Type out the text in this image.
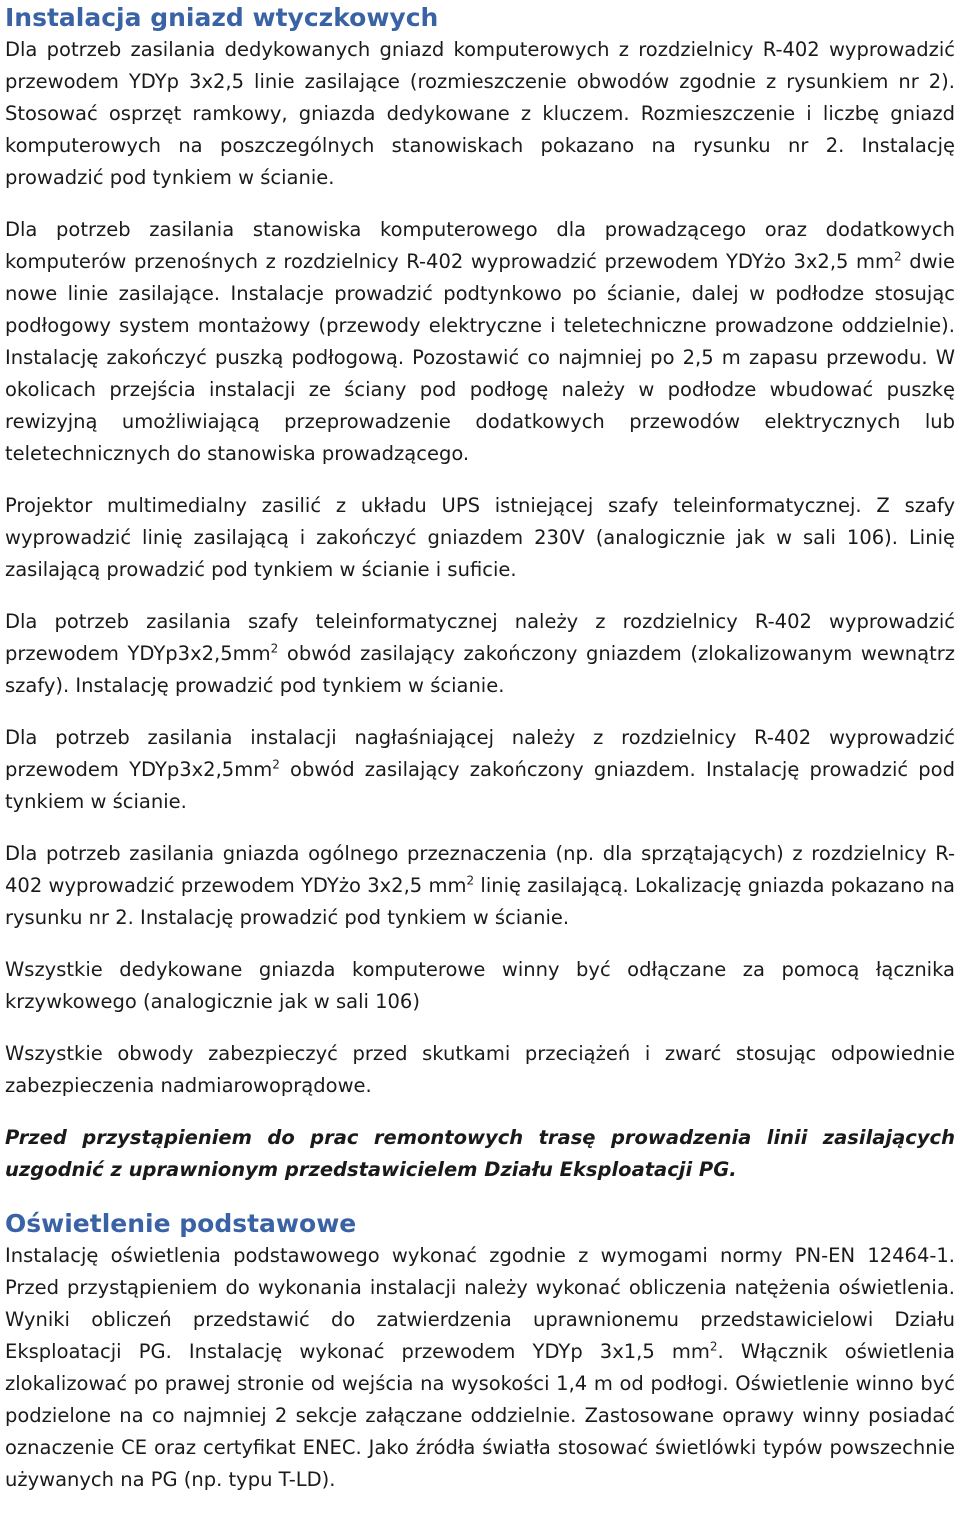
Instalacja gniazd wtyczkowych

Dla potrzeb zasilania dedykowanych gniazd komputerowych z rozdzielnicy R-402 wyprowadzić przewodem YDYp 3x2,5 linie zasilające (rozmieszczenie obwodów zgodnie z rysunkiem nr 2). Stosować osprzęt ramkowy, gniazda dedykowane z kluczem. Rozmieszczenie i liczbę gniazd komputerowych na poszczególnych stanowiskach pokazano na rysunku nr 2. Instalację prowadzić pod tynkiem w ścianie.

Dla potrzeb zasilania stanowiska komputerowego dla prowadzącego oraz dodatkowych komputerów przenośnych z rozdzielnicy R-402 wyprowadzić przewodem YDYżo 3x2,5 $mm^2$ dwie nowe linie zasilające. Instalacje prowadzić podtynkowo po ścianie, dalej w podłodze stosując podłogowy system montażowy (przewody elektryczne i teletechniczne prowadzone oddzielnie). Instalację zakończyć puszką podłogową. Pozostawić co najmniej po 2,5 m zapasu przewodu. W okolicach przejścia instalacji ze ściany pod podłogę należy w podłodze wbudować puszkę rewizyjną umożliwiającą przeprowadzenie dodatkowych przewodów elektrycznych lub teletechnicznych do stanowiska prowadzącego.

Projektor multimedialny zasilić z układu UPS istniejącej szafy teleinformatycznej. Z szafy wyprowadzić linię zasilającą i zakończyć gniazdem 230V (analogicznie jak w sali 106). Linię zasilającą prowadzić pod tynkiem w ścianie i suficie.

Dla potrzeb zasilania szafy teleinformatycznej należy z rozdzielnicy R-402 wyprowadzić przewodem $YDYp3x2,5mm^2$ obwód zasilający zakończony gniazdem (zlokalizowanym wewnątrz szafy). Instalację prowadzić pod tynkiem w ścianie.

Dla potrzeb zasilania instalacji nagłaśniającej należy z rozdzielnicy R-402 wyprowadzić przewodem $YDYp3x2,5mm^2$ obwód zasilający zakończony gniazdem. Instalację prowadzić pod tynkiem w ścianie.

Dla potrzeb zasilania gniazda ogólnego przeznaczenia (np. dla sprzątających) z rozdzielnicy R-402 wyprowadzić przewodem YDYżo 3x2,5 $mm^2$ linię zasilającą. Lokalizację gniazda pokazano na rysunku nr 2. Instalację prowadzić pod tynkiem w ścianie.

Wszystkie dedykowane gniazda komputerowe winny być odłączane za pomocą łącznika krzywkowego (analogicznie jak w sali 106)

Wszystkie obwody zabezpieczyć przed skutkami przeciążeń i zwarć stosując odpowiednie zabezpieczenia nadmiarowoprądowe.

Przed przystąpieniem do prac remontowych trasę prowadzenia linii zasilających uzgodnić z uprawnionym przedstawicielem Działu Eksploatacji PG.

Oświetlenie podstawowe

Instalację oświetlenia podstawowego wykonać zgodnie z wymogami normy PN-EN 12464-1. Przed przystąpieniem do wykonania instalacji należy wykonać obliczenia natężenia oświetlenia. Wyniki obliczeń przedstawić do zatwierdzenia uprawnionemu przedstawicielowi Działu Eksploatacji PG. Instalację wykonać przewodem YDYp 3x1,5 $mm^2$. Włącznik oświetlenia zlokalizować po prawej stronie od wejścia na wysokości 1,4 m od podłogi. Oświetlenie winno być podzielone na co najmniej 2 sekcje załączane oddzielnie. Zastosowane oprawy winny posiadać oznaczenie CE oraz certyfikat ENEC. Jako źródła światła stosować świetlówki typów powszechnie używanych na PG (np. typu T-LD).
